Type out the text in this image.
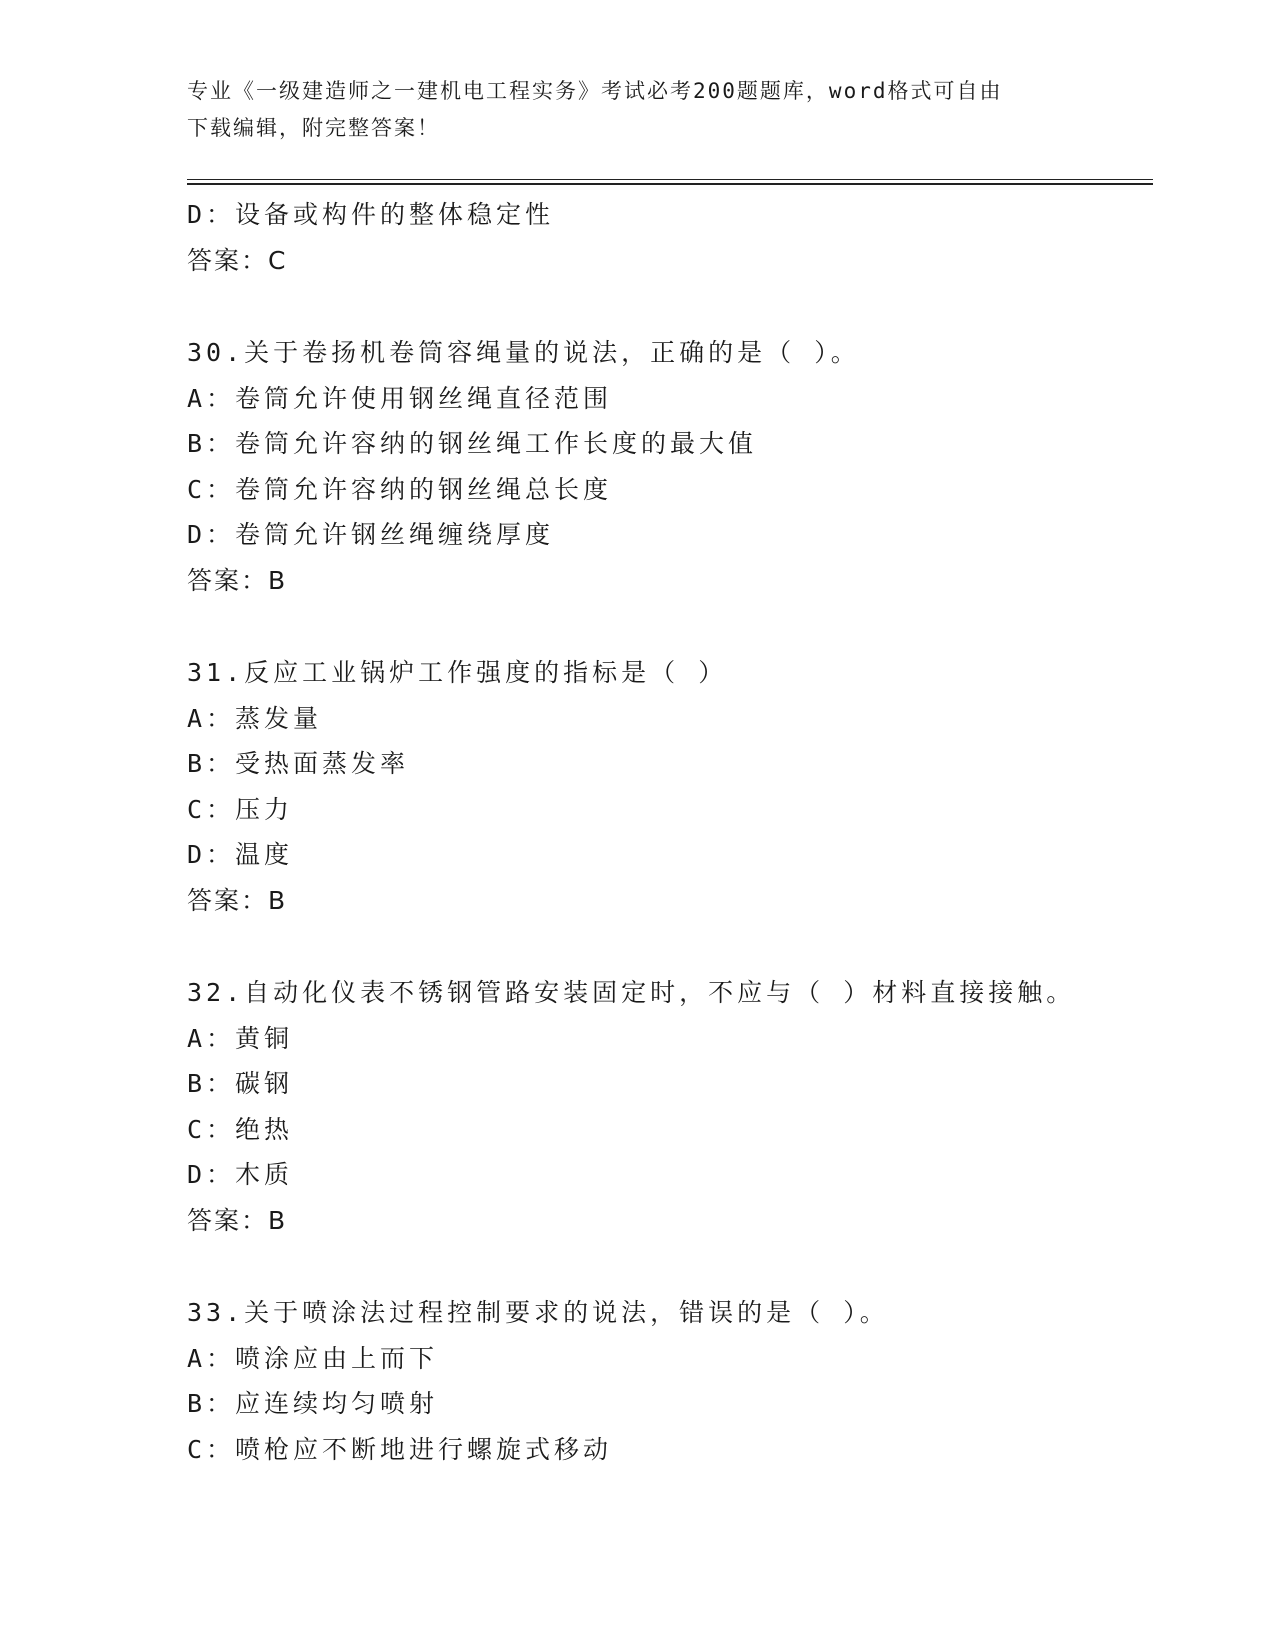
专业《一级建造师之一建机电工程实务》考试必考200题题库，word格式可自由
下载编辑，附完整答案！
D：设备或构件的整体稳定性
答案：C
30.关于卷扬机卷筒容绳量的说法，正确的是（ ）。
A：卷筒允许使用钢丝绳直径范围
B：卷筒允许容纳的钢丝绳工作长度的最大值
C：卷筒允许容纳的钢丝绳总长度
D：卷筒允许钢丝绳缠绕厚度
答案：B
31.反应工业锅炉工作强度的指标是（ ）
A：蒸发量
B：受热面蒸发率
C：压力
D：温度
答案：B
32.自动化仪表不锈钢管路安装固定时，不应与（ ）材料直接接触。
A：黄铜
B：碳钢
C：绝热
D：木质
答案：B
33.关于喷涂法过程控制要求的说法，错误的是（ ）。
A：喷涂应由上而下
B：应连续均匀喷射
C：喷枪应不断地进行螺旋式移动
